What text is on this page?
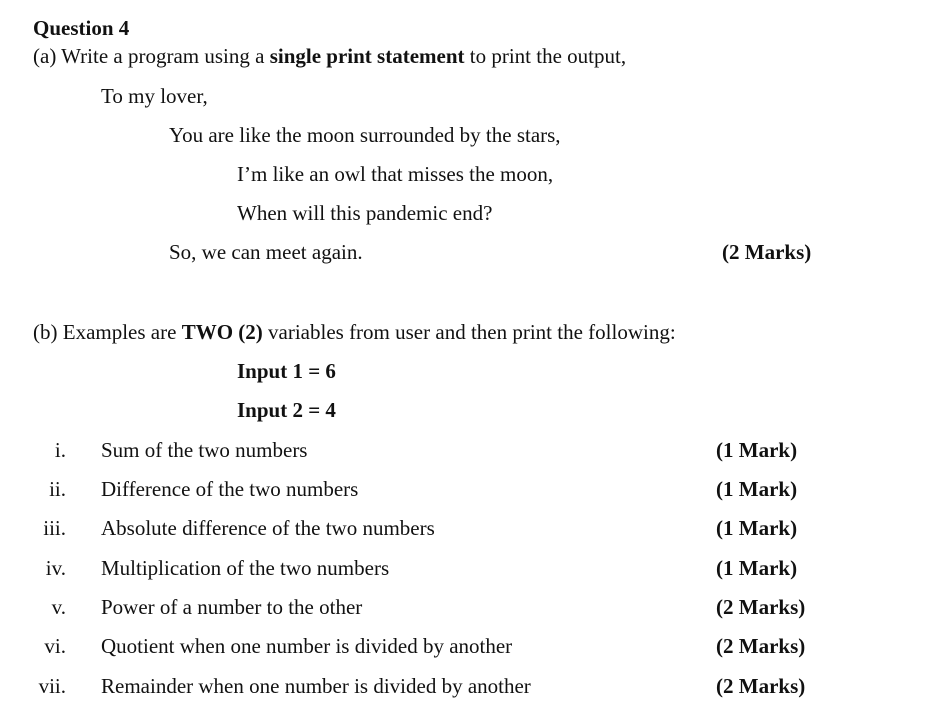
Question 4
(a) Write a program using a single print statement to print the output,
To my lover,
You are like the moon surrounded by the stars,
I’m like an owl that misses the moon,
When will this pandemic end?
So, we can meet again.	(2 Marks)
(b) Examples are TWO (2) variables from user and then print the following:
Input 1 = 6
Input 2 = 4
i. Sum of the two numbers	(1 Mark)
ii. Difference of the two numbers	(1 Mark)
iii. Absolute difference of the two numbers	(1 Mark)
iv. Multiplication of the two numbers	(1 Mark)
v. Power of a number to the other	(2 Marks)
vi. Quotient when one number is divided by another	(2 Marks)
vii. Remainder when one number is divided by another	(2 Marks)
